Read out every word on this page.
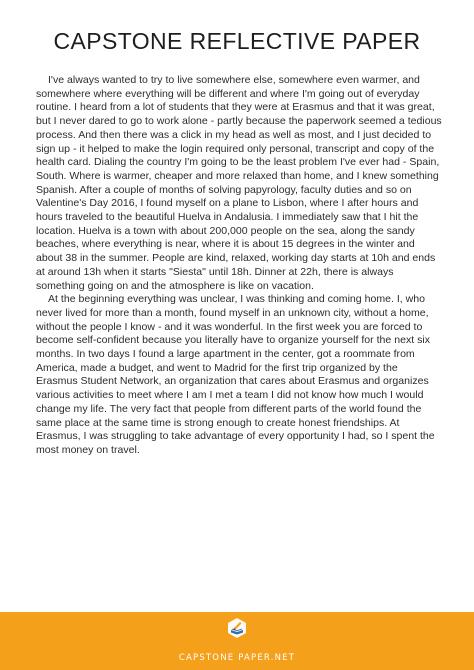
CAPSTONE REFLECTIVE PAPER

I've always wanted to try to live somewhere else, somewhere even warmer, and somewhere where everything will be different and where I'm going out of everyday routine. I heard from a lot of students that they were at Erasmus and that it was great, but I never dared to go to work alone - partly because the paperwork seemed a tedious process. And then there was a click in my head as well as most, and I just decided to sign up - it helped to make the login required only personal, transcript and copy of the health card. Dialing the country I'm going to be the least problem I've ever had - Spain, South. Where is warmer, cheaper and more relaxed than home, and I knew something Spanish. After a couple of months of solving papyrology, faculty duties and so on Valentine's Day 2016, I found myself on a plane to Lisbon, where I after hours and hours traveled to the beautiful Huelva in Andalusia. I immediately saw that I hit the location. Huelva is a town with about 200,000 people on the sea, along the sandy beaches, where everything is near, where it is about 15 degrees in the winter and about 38 in the summer. People are kind, relaxed, working day starts at 10h and ends at around 13h when it starts "Siesta" until 18h. Dinner at 22h, there is always something going on and the atmosphere is like on vacation.

At the beginning everything was unclear, I was thinking and coming home. I, who never lived for more than a month, found myself in an unknown city, without a home, without the people I know - and it was wonderful. In the first week you are forced to become self-confident because you literally have to organize yourself for the next six months. In two days I found a large apartment in the center, got a roommate from America, made a budget, and went to Madrid for the first trip organized by the Erasmus Student Network, an organization that cares about Erasmus and organizes various activities to meet where I am I met a team I did not know how much I would change my life. The very fact that people from different parts of the world found the same place at the same time is strong enough to create honest friendships. At Erasmus, I was struggling to take advantage of every opportunity I had, so I spent the most money on travel.

CAPSTONE PAPER.NET
